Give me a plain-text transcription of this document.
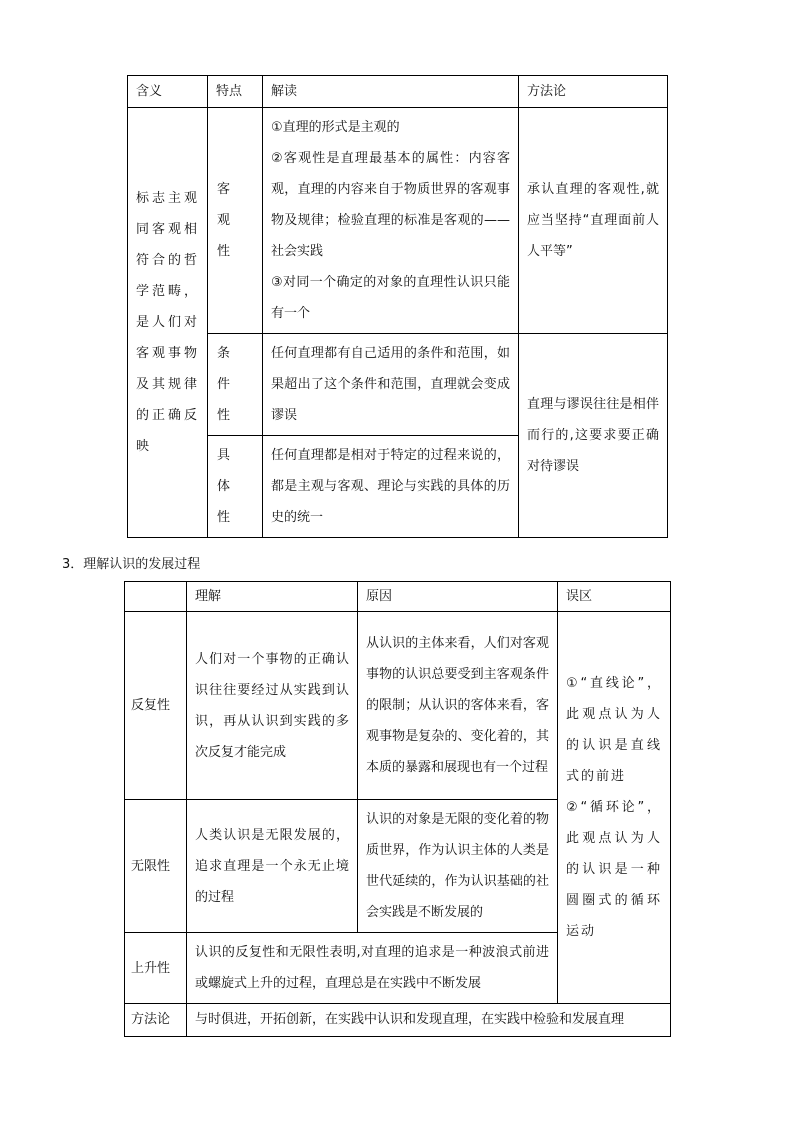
含义	特点	解读	方法论
标志主观同客观相符合的哲学范畴，是人们对客观事物及其规律的正确反映	客观性	①直理的形式是主观的
②客观性是直理最基本的属性：内容客观，直理的内容来自于物质世界的客观事物及规律；检验直理的标准是客观的——社会实践
③对同一个确定的对象的直理性认识只能有一个	承认直理的客观性,就应当坚持“直理面前人人平等”

	条件性	任何直理都有自己适用的条件和范围，如果超出了这个条件和范围，直理就会变成谬误	直理与谬误往往是相伴而行的,这要求要正确对待谬误

	具体性	任何直理都是相对于特定的过程来说的，都是主观与客观、理论与实践的具体的历史的统一	
3．理解认识的发展过程
	理解	原因	误区
反复性	人们对一个事物的正确认识往往要经过从实践到认识，再从认识到实践的多次反复才能完成	从认识的主体来看，人们对客观事物的认识总要受到主客观条件的限制；从认识的客体来看，客观事物是复杂的、变化着的，其本质的暴露和展现也有一个过程	①“直线论”，此观点认为人的认识是直线式的前进
②“循环论”，此观点认为人的认识是一种圆圈式的循环运动

无限性	人类认识是无限发展的，追求直理是一个永无止境的过程	认识的对象是无限的变化着的物质世界，作为认识主体的人类是世代延续的，作为认识基础的社会实践是不断发展的	
上升性	认识的反复性和无限性表明,对直理的追求是一种波浪式前进或螺旋式上升的过程，直理总是在实践中不断发展		
方法论	与时俱进，开拓创新，在实践中认识和发现直理，在实践中检验和发展直理		
